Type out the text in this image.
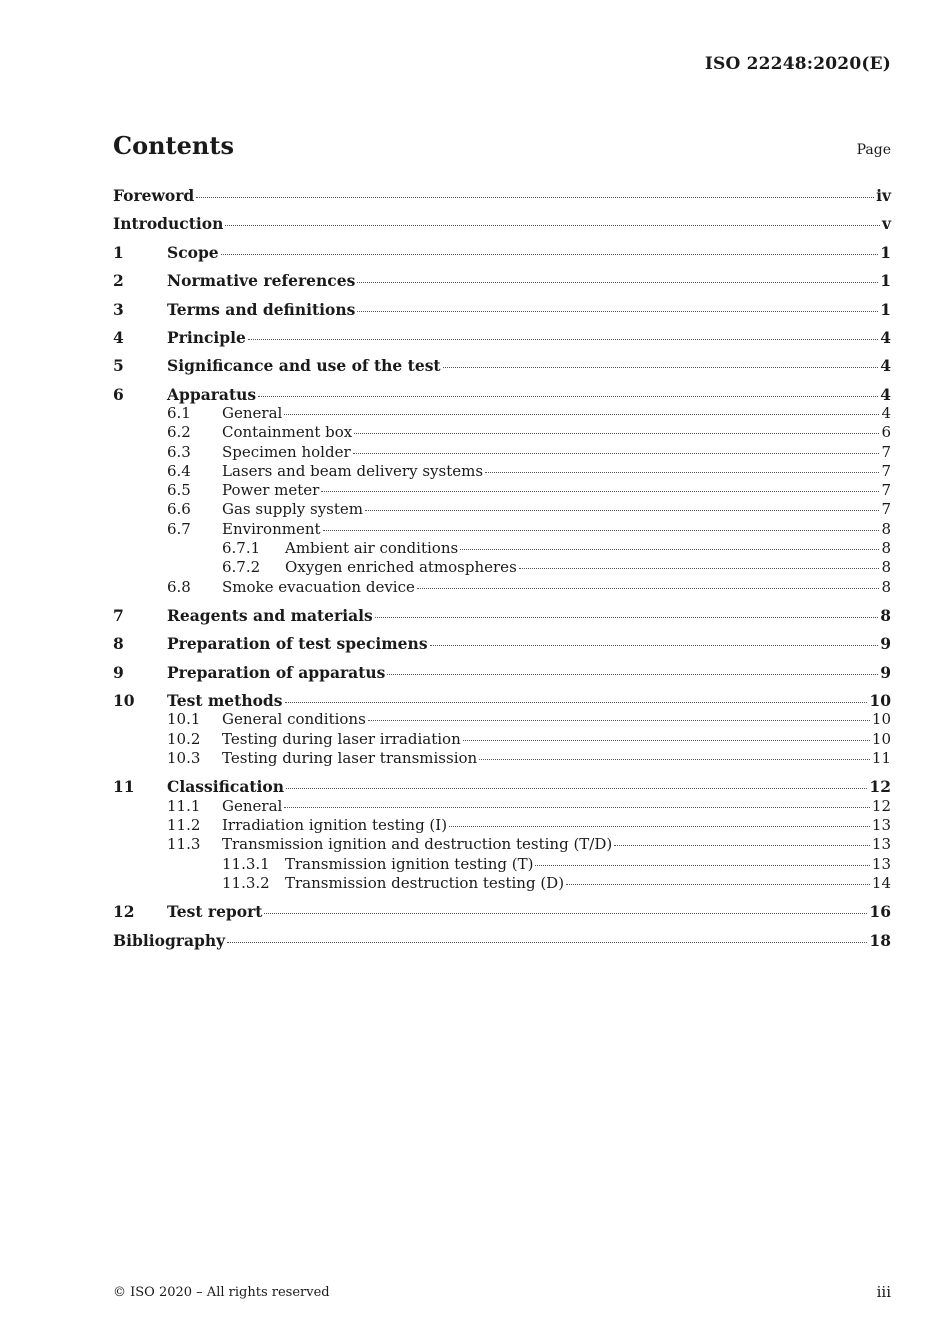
ISO 22248:2020(E)
Contents	Page
Foreword	iv
Introduction	v
1	Scope	1
2	Normative references	1
3	Terms and definitions	1
4	Principle	4
5	Significance and use of the test	4
6	Apparatus	4
6.1	General	4
6.2	Containment box	6
6.3	Specimen holder	7
6.4	Lasers and beam delivery systems	7
6.5	Power meter	7
6.6	Gas supply system	7
6.7	Environment	8
6.7.1	Ambient air conditions	8
6.7.2	Oxygen enriched atmospheres	8
6.8	Smoke evacuation device	8
7	Reagents and materials	8
8	Preparation of test specimens	9
9	Preparation of apparatus	9
10	Test methods	10
10.1	General conditions	10
10.2	Testing during laser irradiation	10
10.3	Testing during laser transmission	11
11	Classification	12
11.1	General	12
11.2	Irradiation ignition testing (I)	13
11.3	Transmission ignition and destruction testing (T/D)	13
11.3.1	Transmission ignition testing (T)	13
11.3.2	Transmission destruction testing (D)	14
12	Test report	16
Bibliography	18
© ISO 2020 – All rights reserved	iii
